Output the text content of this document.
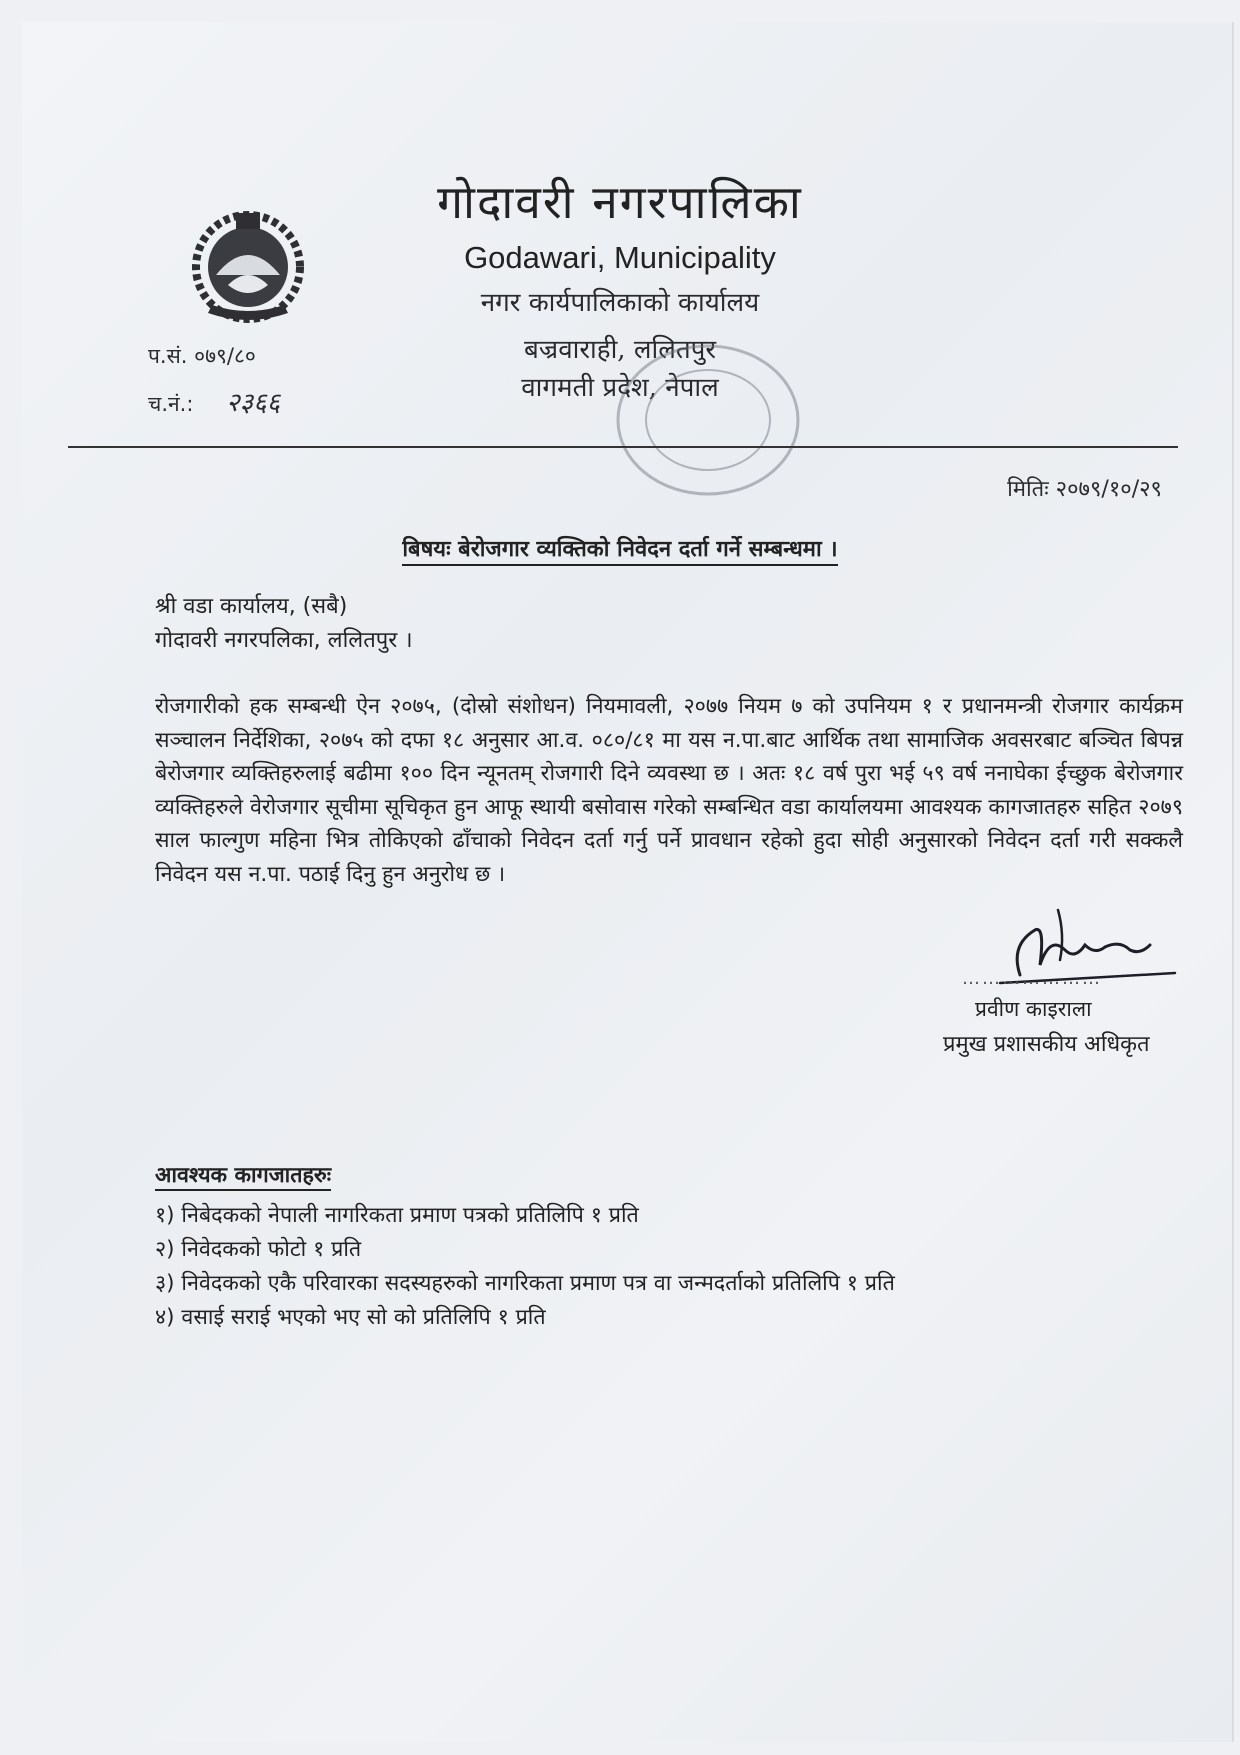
गोदावरी नगरपालिका
Godawari, Municipality
नगर कार्यपालिकाको कार्यालय
बज्रवाराही, ललितपुर
वागमती प्रदेश, नेपाल
प.सं. ०७९/८०
च.नं.: २३६६
मितिः २०७९/१०/२९
बिषयः बेरोजगार व्यक्तिको निवेदन दर्ता गर्ने सम्बन्धमा ।
श्री वडा कार्यालय, (सबै)
गोदावरी नगरपलिका, ललितपुर ।
रोजगारीको हक सम्बन्धी ऐन २०७५, (दोस्रो संशोधन) नियमावली, २०७७ नियम ७ को उपनियम १ र प्रधानमन्त्री रोजगार कार्यक्रम सञ्चालन निर्देशिका, २०७५ को दफा १८ अनुसार आ.व. ०८०/८१ मा यस न.पा.बाट आर्थिक तथा सामाजिक अवसरबाट बञ्चित बिपन्न बेरोजगार व्यक्तिहरुलाई बढीमा १०० दिन न्यूनतम् रोजगारी दिने व्यवस्था छ । अतः १८ वर्ष पुरा भई ५९ वर्ष ननाघेका ईच्छुक बेरोजगार व्यक्तिहरुले वेरोजगार सूचीमा सूचिकृत हुन आफू स्थायी बसोवास गरेको सम्बन्धित वडा कार्यालयमा आवश्यक कागजातहरु सहित २०७९ साल फाल्गुण महिना भित्र तोकिएको ढाँचाको निवेदन दर्ता गर्नु पर्ने प्रावधान रहेको हुदा सोही अनुसारको निवेदन दर्ता गरी सक्कलै निवेदन यस न.पा. पठाई दिनु हुन अनुरोध छ ।
…………………
प्रवीण काइराला
प्रमुख प्रशासकीय अधिकृत
आवश्यक कागजातहरुः
१) निबेदकको नेपाली नागरिकता प्रमाण पत्रको प्रतिलिपि १ प्रति
२) निवेदकको फोटो १ प्रति
३) निवेदकको एकै परिवारका सदस्यहरुको नागरिकता प्रमाण पत्र वा जन्मदर्ताको प्रतिलिपि १ प्रति
४) वसाई सराई भएको भए सो को प्रतिलिपि १ प्रति
